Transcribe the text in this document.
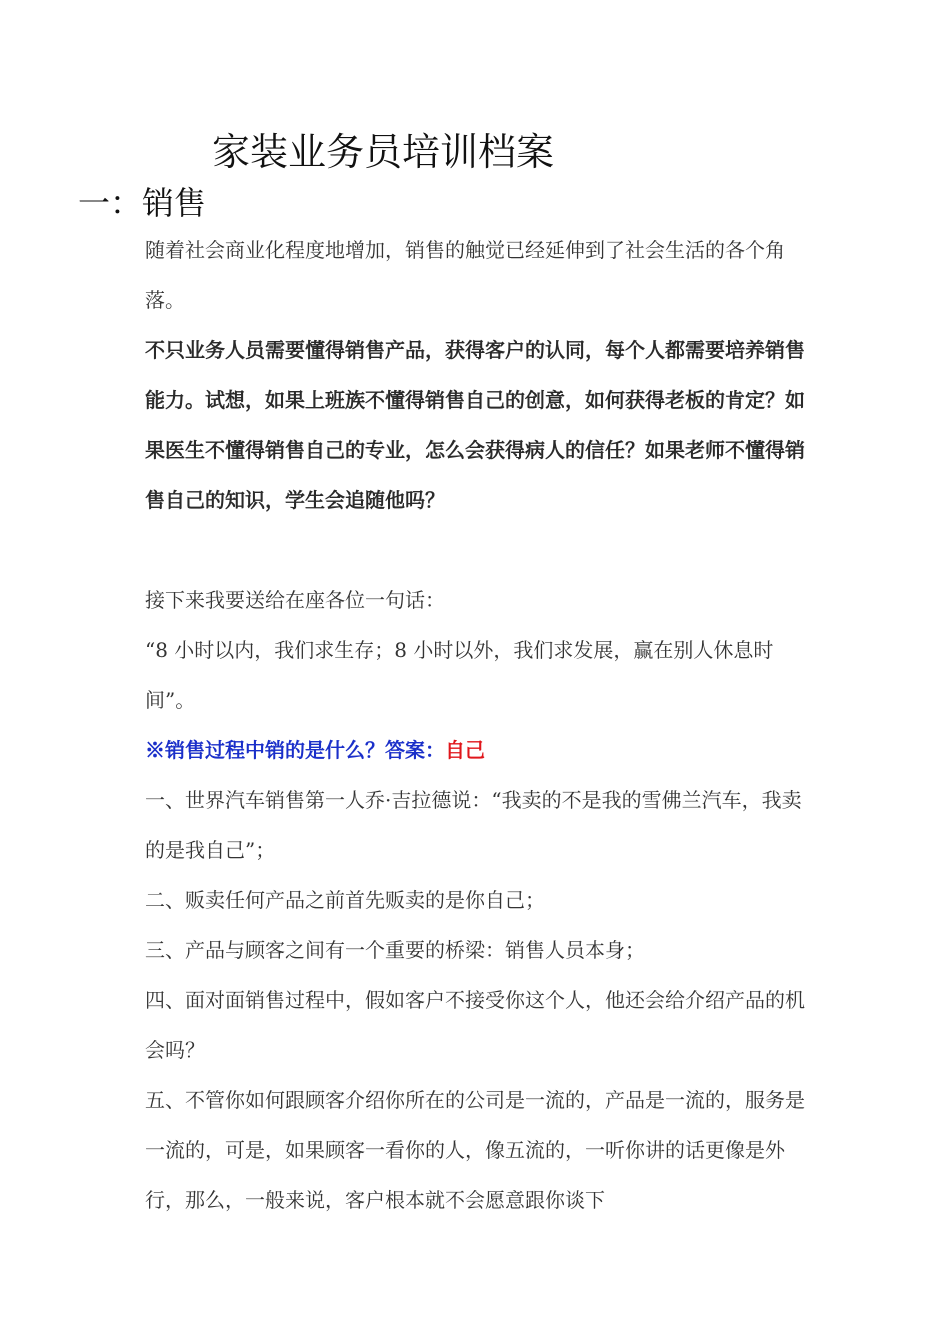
家装业务员培训档案
一：销售

随着社会商业化程度地增加，销售的触觉已经延伸到了社会生活的各个角落。

不只业务人员需要懂得销售产品，获得客户的认同，每个人都需要培养销售能力。试想，如果上班族不懂得销售自己的创意，如何获得老板的肯定？如果医生不懂得销售自己的专业，怎么会获得病人的信任？如果老师不懂得销售自己的知识，学生会追随他吗？

接下来我要送给在座各位一句话：

“8 小时以内，我们求生存；8 小时以外，我们求发展，赢在别人休息时间”。

※销售过程中销的是什么？答案：自己

一、世界汽车销售第一人乔·吉拉德说：“我卖的不是我的雪佛兰汽车，我卖的是我自己”；

二、贩卖任何产品之前首先贩卖的是你自己；

三、产品与顾客之间有一个重要的桥梁：销售人员本身；

四、面对面销售过程中，假如客户不接受你这个人，他还会给介绍产品的机会吗？

五、不管你如何跟顾客介绍你所在的公司是一流的，产品是一流的，服务是一流的，可是，如果顾客一看你的人，像五流的，一听你讲的话更像是外行，那么，一般来说，客户根本就不会愿意跟你谈下
